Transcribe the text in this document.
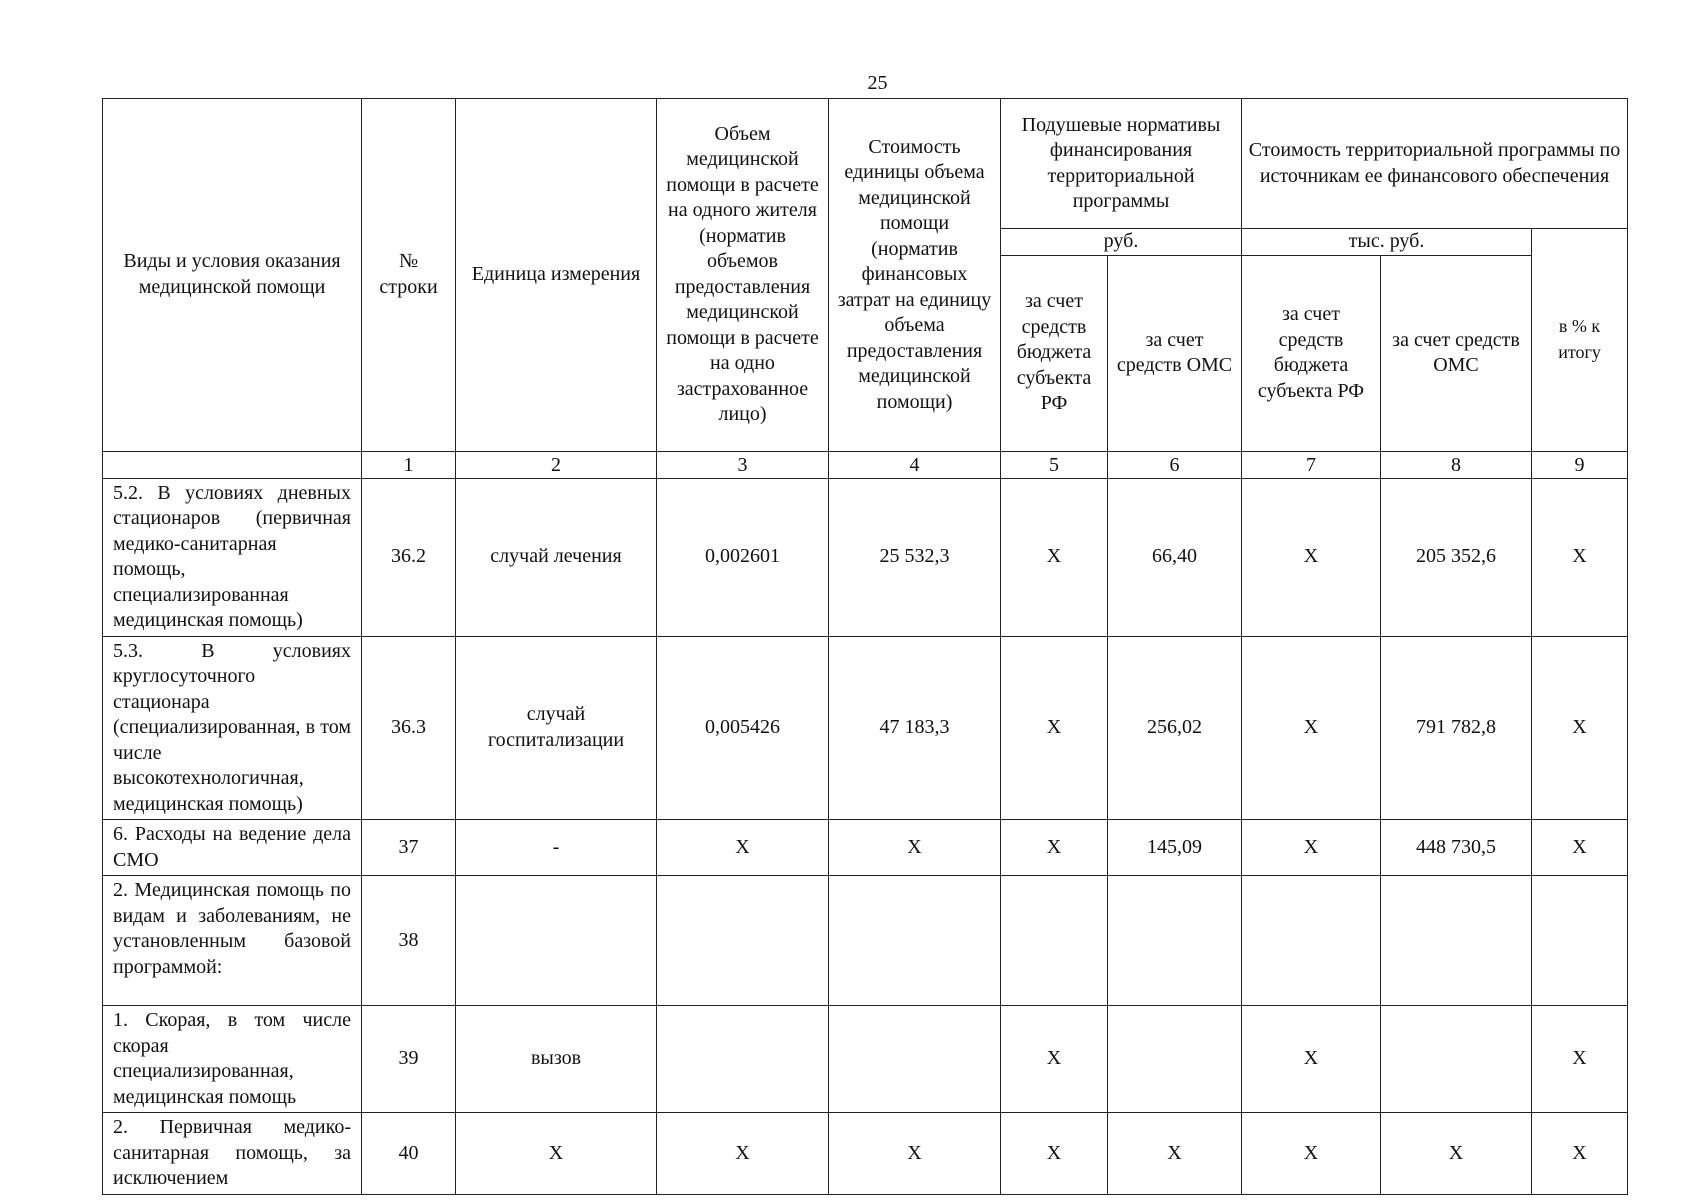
25
Виды и условия оказания медицинской помощи	№ строки	Единица измерения	Объем медицинской помощи в расчете на одного жителя (норматив объемов предоставления медицинской помощи в расчете на одно застрахованное лицо)	Стоимость единицы объема медицинской помощи (норматив финансовых затрат на единицу объема предоставления медицинской помощи)	Подушевые нормативы финансирования территориальной программы		Стоимость территориальной программы по источникам ее финансового обеспечения		
					руб.		тыс. руб.		в % к итогу
					за счет средств бюджета субъекта РФ	за счет средств ОМС	за счет средств бюджета субъекта РФ	за счет средств ОМС	
	1	2	3	4	5	6	7	8	9
5.2. В условиях дневных стационаров (первичная медико-санитарная помощь, специализированная медицинская помощь)	36.2	случай лечения	0,002601	25 532,3	Х	66,40	Х	205 352,6	Х
5.3. В условиях круглосуточного стационара (специализированная, в том числе высокотехнологичная, медицинская помощь)	36.3	случай госпитализации	0,005426	47 183,3	Х	256,02	Х	791 782,8	Х
6. Расходы на ведение дела СМО	37	-	Х	Х	Х	145,09	Х	448 730,5	Х
2. Медицинская помощь по видам и заболеваниям, не установленным базовой программой:	38								
1. Скорая, в том числе скорая специализированная, медицинская помощь	39	вызов			Х		Х		Х
2. Первичная медико-санитарная помощь, за исключением	40	Х	Х	Х	Х	Х	Х	Х	Х
